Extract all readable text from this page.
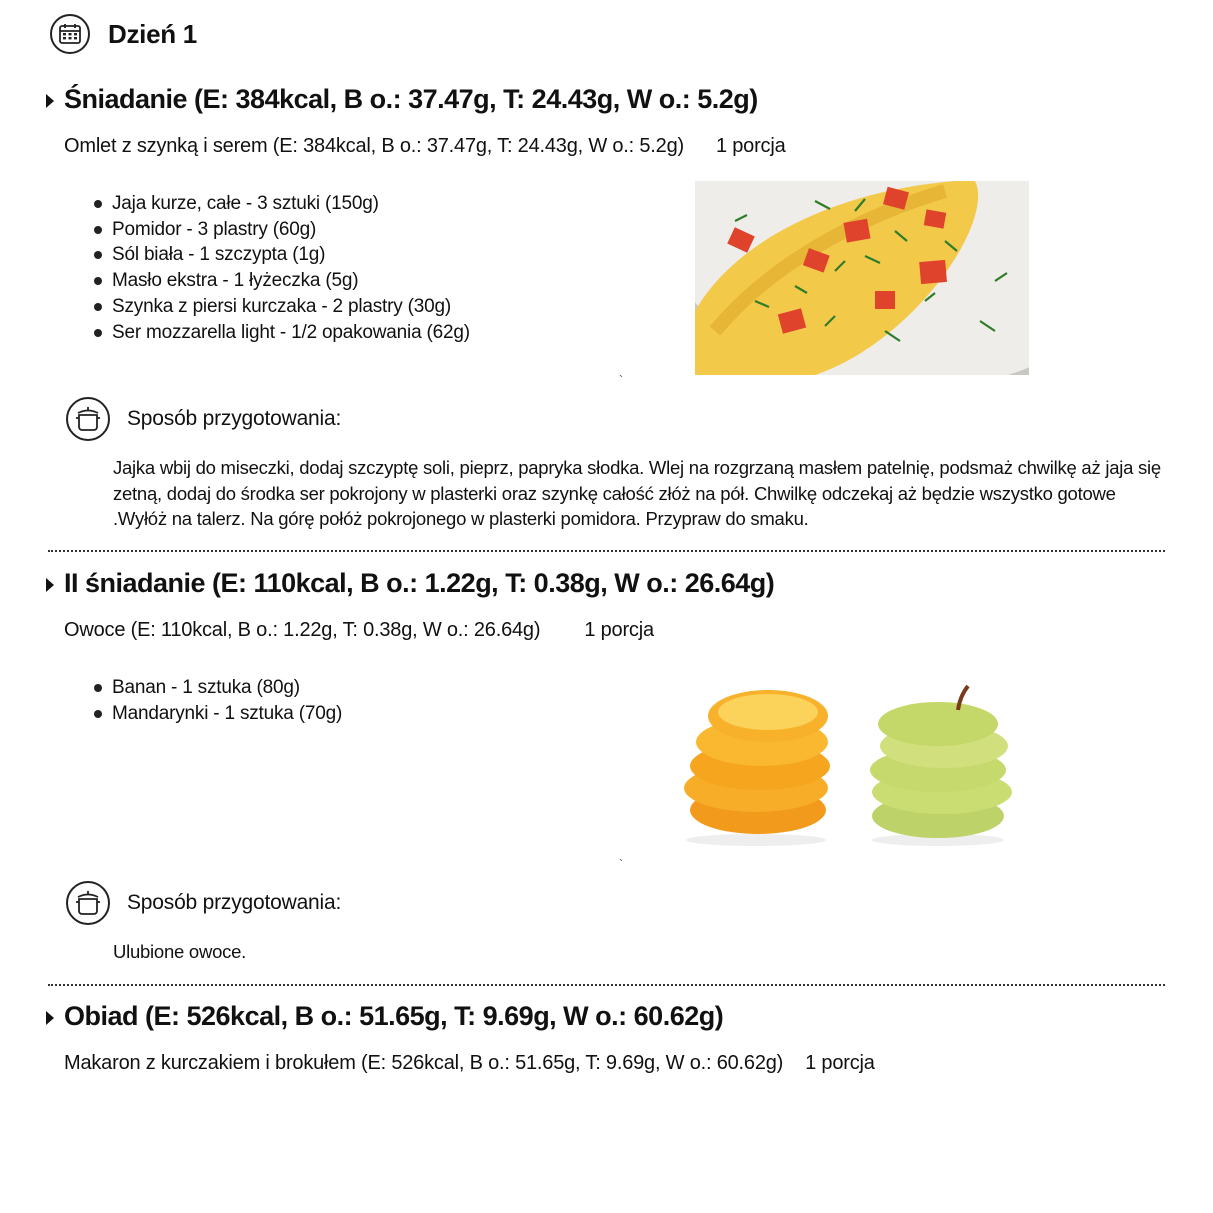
Dzień 1
Śniadanie (E: 384kcal, B o.: 37.47g, T: 24.43g, W o.: 5.2g)
Omlet z szynką i serem (E: 384kcal, B o.: 37.47g, T: 24.43g, W o.: 5.2g) 1 porcja
Jaja kurze, całe - 3 sztuki (150g)
Pomidor - 3 plastry (60g)
Sól biała - 1 szczypta (1g)
Masło ekstra - 1 łyżeczka (5g)
Szynka z piersi kurczaka - 2 plastry (30g)
Ser mozzarella light - 1/2 opakowania (62g)
`
Sposób przygotowania:
Jajka wbij do miseczki, dodaj szczyptę soli, pieprz, papryka słodka. Wlej na rozgrzaną masłem patelnię, podsmaż chwilkę aż jaja się zetną, dodaj do środka ser pokrojony w plasterki oraz szynkę całość złóż na pół. Chwilkę odczekaj aż będzie wszystko gotowe .Wyłóż na talerz. Na górę połóż pokrojonego w plasterki pomidora. Przypraw do smaku.
II śniadanie (E: 110kcal, B o.: 1.22g, T: 0.38g, W o.: 26.64g)
Owoce (E: 110kcal, B o.: 1.22g, T: 0.38g, W o.: 26.64g) 1 porcja
Banan - 1 sztuka (80g)
Mandarynki - 1 sztuka (70g)
`
Sposób przygotowania:
Ulubione owoce.
Obiad (E: 526kcal, B o.: 51.65g, T: 9.69g, W o.: 60.62g)
Makaron z kurczakiem i brokułem (E: 526kcal, B o.: 51.65g, T: 9.69g, W o.: 60.62g) 1 porcja
